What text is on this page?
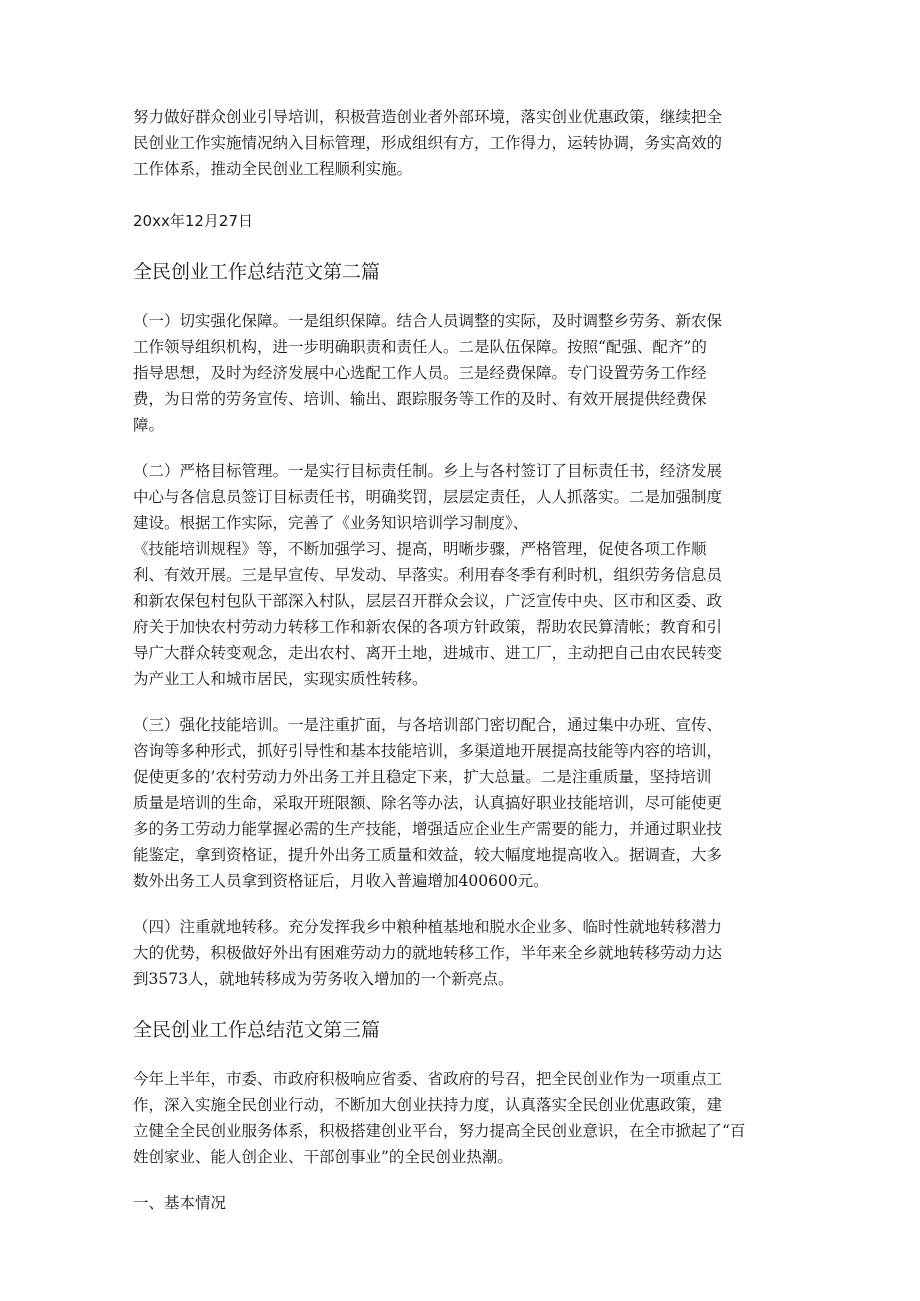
努力做好群众创业引导培训，积极营造创业者外部环境，落实创业优惠政策，继续把全
民创业工作实施情况纳入目标管理，形成组织有方，工作得力，运转协调，务实高效的
工作体系，推动全民创业工程顺利实施。

20xx年12月27日

全民创业工作总结范文第二篇

（一）切实强化保障。一是组织保障。结合人员调整的实际，及时调整乡劳务、新农保
工作领导组织机构，进一步明确职责和责任人。二是队伍保障。按照“配强、配齐”的
指导思想，及时为经济发展中心选配工作人员。三是经费保障。专门设置劳务工作经
费，为日常的劳务宣传、培训、输出、跟踪服务等工作的及时、有效开展提供经费保
障。

（二）严格目标管理。一是实行目标责任制。乡上与各村签订了目标责任书，经济发展
中心与各信息员签订目标责任书，明确奖罚，层层定责任，人人抓落实。二是加强制度
建设。根据工作实际，完善了《业务知识培训学习制度》、
《技能培训规程》等，不断加强学习、提高，明晰步骤，严格管理，促使各项工作顺
利、有效开展。三是早宣传、早发动、早落实。利用春冬季有利时机，组织劳务信息员
和新农保包村包队干部深入村队，层层召开群众会议，广泛宣传中央、区市和区委、政
府关于加快农村劳动力转移工作和新农保的各项方针政策，帮助农民算清帐；教育和引
导广大群众转变观念，走出农村、离开土地，进城市、进工厂，主动把自己由农民转变
为产业工人和城市居民，实现实质性转移。

（三）强化技能培训。一是注重扩面，与各培训部门密切配合，通过集中办班、宣传、
咨询等多种形式，抓好引导性和基本技能培训，多渠道地开展提高技能等内容的培训，
促使更多的’农村劳动力外出务工并且稳定下来，扩大总量。二是注重质量，坚持培训
质量是培训的生命，采取开班限额、除名等办法，认真搞好职业技能培训，尽可能使更
多的务工劳动力能掌握必需的生产技能，增强适应企业生产需要的能力，并通过职业技
能鉴定，拿到资格证，提升外出务工质量和效益，较大幅度地提高收入。据调查，大多
数外出务工人员拿到资格证后，月收入普遍增加400600元。

（四）注重就地转移。充分发挥我乡中粮种植基地和脱水企业多、临时性就地转移潜力
大的优势，积极做好外出有困难劳动力的就地转移工作，半年来全乡就地转移劳动力达
到3573人，就地转移成为劳务收入增加的一个新亮点。

全民创业工作总结范文第三篇

今年上半年，市委、市政府积极响应省委、省政府的号召，把全民创业作为一项重点工
作，深入实施全民创业行动，不断加大创业扶持力度，认真落实全民创业优惠政策，建
立健全全民创业服务体系，积极搭建创业平台，努力提高全民创业意识，在全市掀起了“百
姓创家业、能人创企业、干部创事业”的全民创业热潮。

一、基本情况
